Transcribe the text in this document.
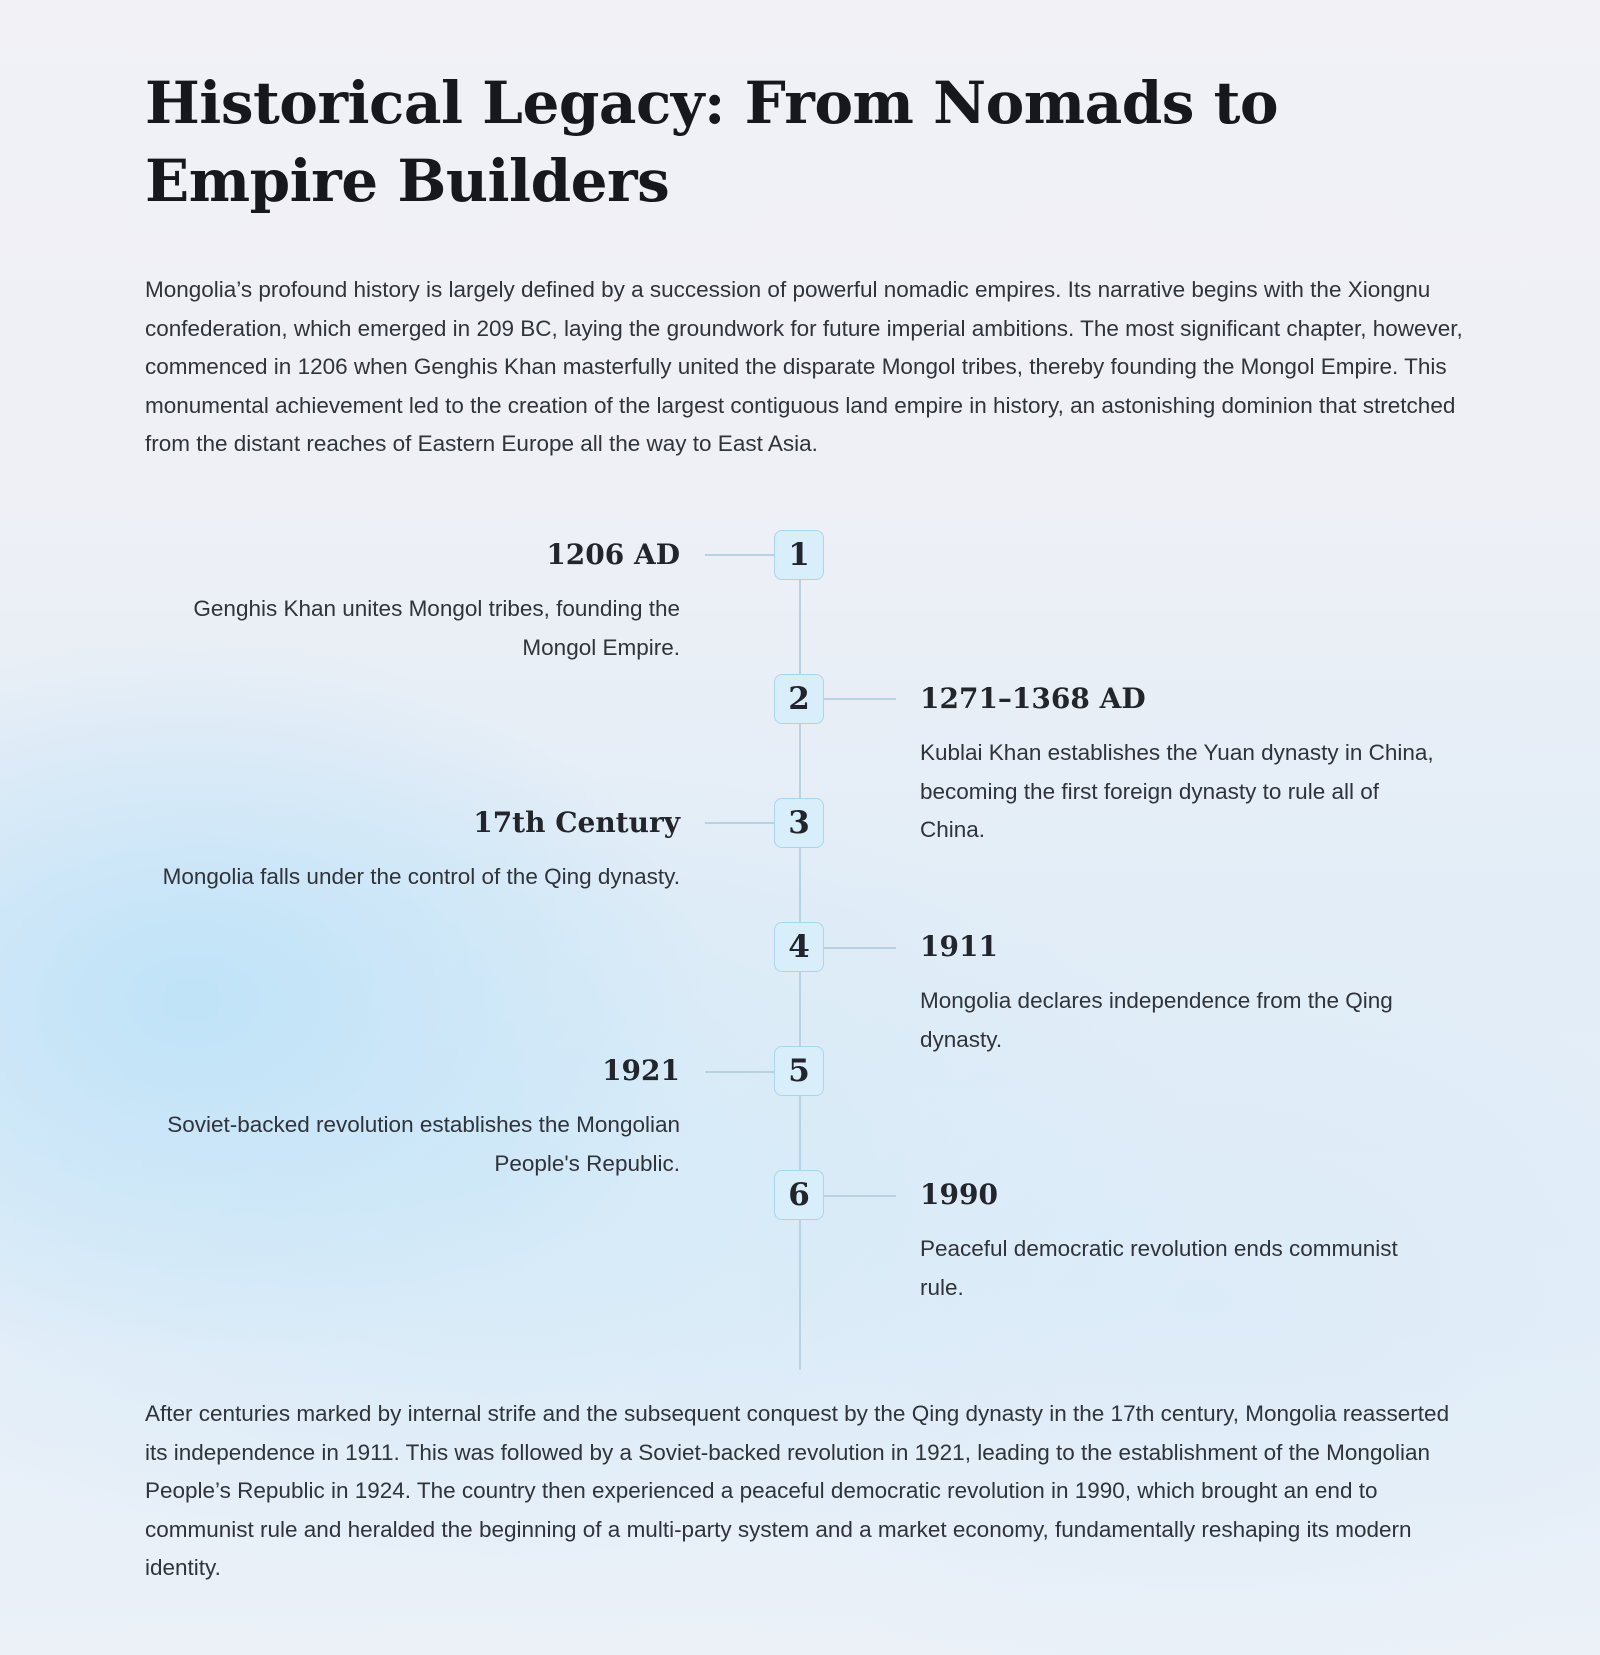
Historical Legacy: From Nomads to Empire Builders

Mongolia’s profound history is largely defined by a succession of powerful nomadic empires. Its narrative begins with the Xiongnu confederation, which emerged in 209 BC, laying the groundwork for future imperial ambitions. The most significant chapter, however, commenced in 1206 when Genghis Khan masterfully united the disparate Mongol tribes, thereby founding the Mongol Empire. This monumental achievement led to the creation of the largest contiguous land empire in history, an astonishing dominion that stretched from the distant reaches of Eastern Europe all the way to East Asia.

1
1206 AD

Genghis Khan unites Mongol tribes, founding the Mongol Empire.

2	1271–1368 AD

Kublai Khan establishes the Yuan dynasty in China, becoming the first foreign dynasty to rule all of China.

3
17th Century

Mongolia falls under the control of the Qing dynasty.

4	1911

Mongolia declares independence from the Qing dynasty.

5
1921

Soviet-backed revolution establishes the Mongolian People's Republic.

6	1990

Peaceful democratic revolution ends communist rule.

After centuries marked by internal strife and the subsequent conquest by the Qing dynasty in the 17th century, Mongolia reasserted its independence in 1911. This was followed by a Soviet-backed revolution in 1921, leading to the establishment of the Mongolian People’s Republic in 1924. The country then experienced a peaceful democratic revolution in 1990, which brought an end to communist rule and heralded the beginning of a multi-party system and a market economy, fundamentally reshaping its modern identity.
